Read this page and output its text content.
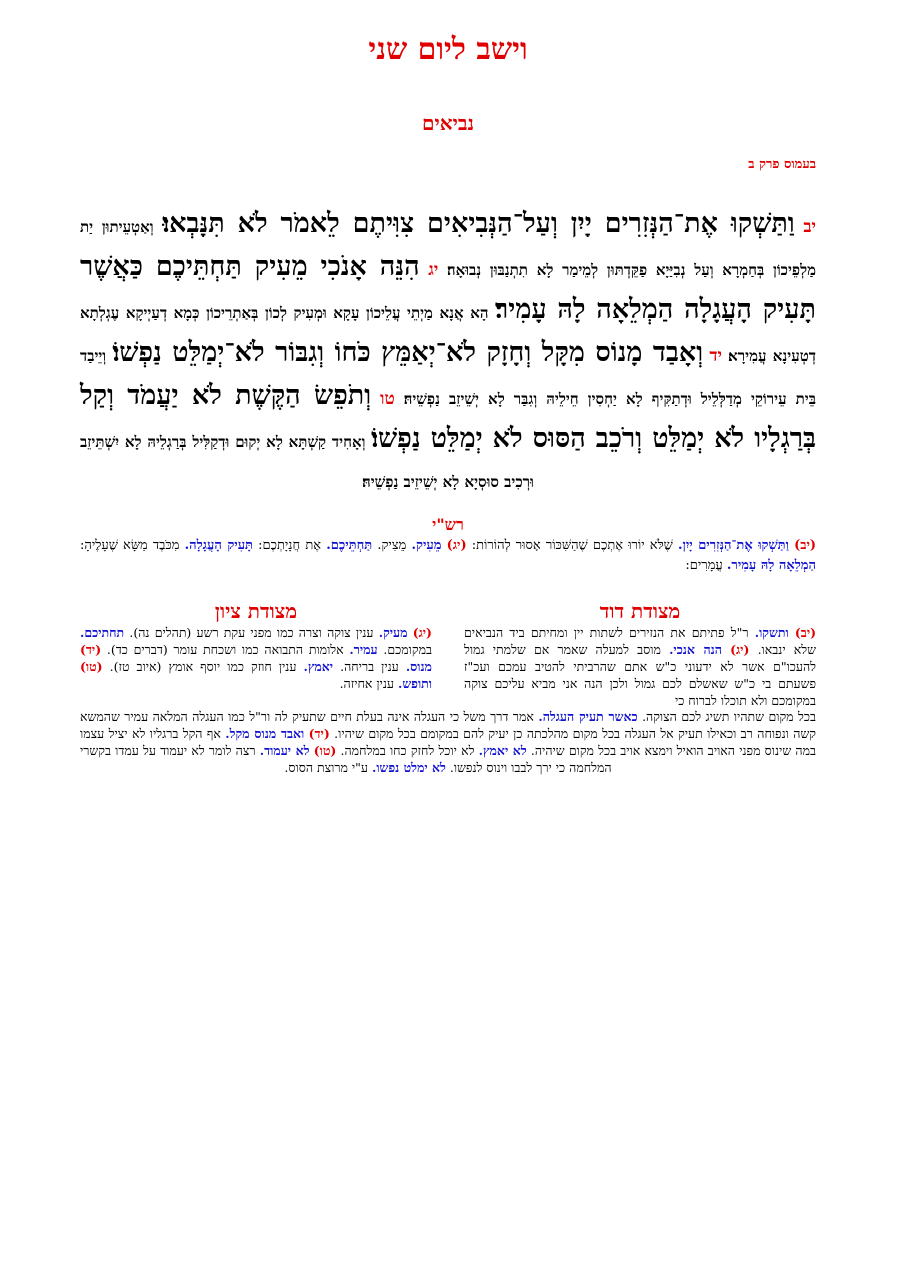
וישב ליום שני
נביאים
בעמוס פרק ב
יב וַתַּשְׁקוּ אֶת־הַנְּזִרִים יָיִן וְעַל־הַנְּבִיאִים צִוִּיתֶם לֵאמֹר לֹא תִּנָּבְאוּ׃ וְאַטְעֵיתוּן יַת מַלְפֵיכוֹן בְּחַמְרָא וְעַל נְבִיַּיָא פַקֵּדְתּוּן לְמֵימַר לָא תִתְנַבּוּן נְבוּאָה׃ יג הִנֵּה אָנֹכִי מֵעִיק תַּחְתֵּיכֶם כַּאֲשֶׁר תָּעִיק הָעֲגָלָה הַמְלֵאָה לָהּ עָמִיר׃ הָא אֲנָא מַיְתֵי עֲלֵיכוֹן עָקָא וּמְעִיק לְכוֹן בְּאַתְרֵיכוֹן כְּמָא דְעַיְיקָא עֶגְלְתָא דְטְעִינָא עֲמִירָא׃ יד וְאָבַד מָנוֹס מִקָּל וְחָזָק לֹא־יְאַמֵּץ כֹּחוֹ וְגִבּוֹר לֹא־יְמַלֵּט נַפְשׁוֹ׃ וְיֵיבַד בֵּית עֵירוֹקֵי מְדַלְּלֵיל וּדְתַקִּיף לָא יַחְסִין חֵילֵיהּ וְגִבַּר לָא יְשֵׁיזֵב נַפְשֵׁיהּ׃ טו וְתֹפֵשׂ הַקֶּשֶׁת לֹא יַעֲמֹד וְקַל בְּרַגְלָיו לֹא יְמַלֵּט וְרֹכֵב הַסּוּס לֹא יְמַלֵּט נַפְשׁוֹ׃ וְאָחִיד קַשְׁתָּא לָא יְקוּם וּדְקַלִּיל בְּרַגְלֵיהּ לָא יִשְׁתֵּיזֵב וּרְכִיב סוּסְיָא לָא יְשֵׁיזֵיב נַפְשֵׁיהּ׃
רש"י
(יב) וַתַּשְׁקוּ אֶת־הַנְּזִרִים יָיִן. שֶׁלֹּא יוֹרוּ אֶתְכֶם שֶׁהַשִּׁכּוֹר אָסוּר לְהוֹרוֹת: (יג) מֵעִיק. מֵצִיק. תַּחְתֵּיכֶם. אֶת חֲנָיָתְכֶם: תָּעִיק הָעֲגָלָה. מִכֹּבֶד מַשָּׂא שֶׁעָלֶיהָ: הַמְלֵאָה לָהּ עָמִיר. עֳמָרִים:
מצודת דוד
(יב) ותשקו. ר"ל פתיתם את הנזירים לשתות יין ומחיתם ביד הנביאים שלא ינבאו. (יג) הנה אנכי. מוסב למעלה שאמר אם שלמתי גמול להעכו"ם אשר לא ידעוני כ"ש אתם שהרביתי להטיב עמכם ועכ"ז פשעתם בי כ"ש שאשלם לכם גמול ולכן הנה אני מביא עליכם צוקה במקומכם ולא תוכלו לברוח כי
מצודת ציון
(יג) מעיק. ענין צוקה וצרה כמו מפני עקת רשע (תהלים נה). תחתיכם. במקומכם. עמיר. אלומות התבואה כמו ושכחת עומר (דברים כד). (יד) מנוס. ענין בריחה. יאמץ. ענין חוזק כמו יוסף אומץ (איוב טז). (טו) ותופש. ענין אחיזה.
בכל מקום שתהיו תשיג לכם הצוקה. כאשר תעיק העגלה. אמר דרך משל כי העגלה אינה בעלת חיים שתעיק לה ור"ל כמו העגלה המלאה עמיר שהמשא קשה ונפוחה רב וכאילו תעיק אל העגלה בכל מקום מהלכתה כן יעיק להם במקומם בכל מקום שיהיו. (יד) ואבד מנוס מקל. אף הקל ברגליו לא יציל עצמו במה שינוס מפני האויב הואיל וימצא אויב בכל מקום שיהיה. לא יאמץ. לא יוכל לחזק כחו במלחמה. (טו) לא יעמוד. רצה לומר לא יעמוד על עמדו בקשרי המלחמה כי ירך לבבו וינוס לנפשו. לא ימלט נפשו. ע"י מרוצת הסוס.
